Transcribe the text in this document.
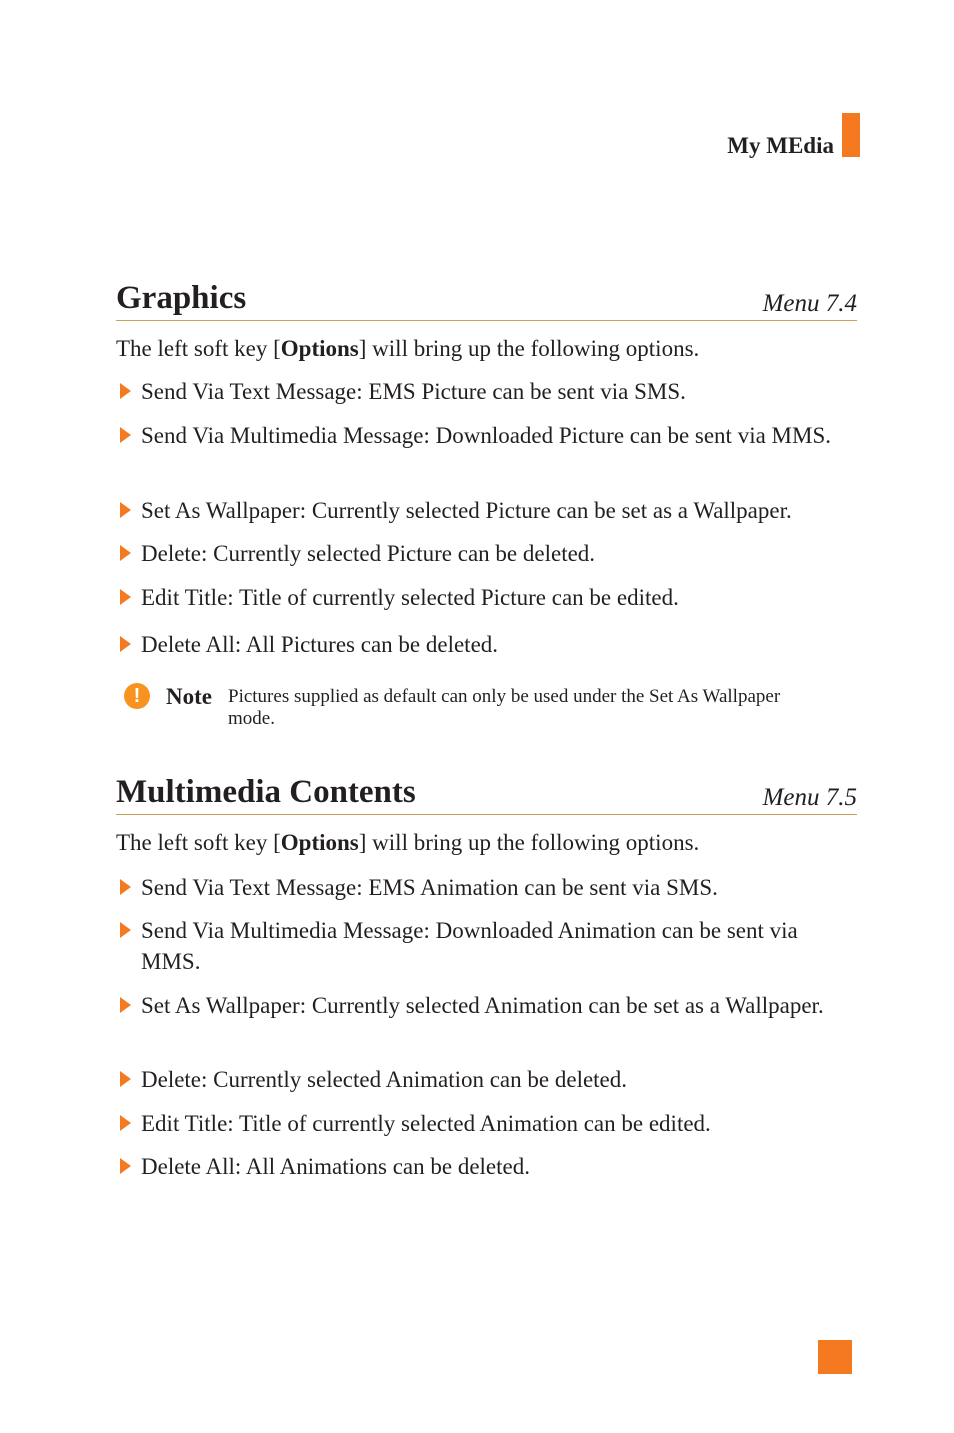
My MEdia
Graphics	Menu 7.4
The left soft key [Options] will bring up the following options.
Send Via Text Message: EMS Picture can be sent via SMS.
Send Via Multimedia Message: Downloaded Picture can be sent via MMS.
Set As Wallpaper: Currently selected Picture can be set as a Wallpaper.
Delete: Currently selected Picture can be deleted.
Edit Title: Title of currently selected Picture can be edited.
Delete All: All Pictures can be deleted.
!	Note Pictures supplied as default can only be used under the Set As Wallpaper mode.
Multimedia Contents	Menu 7.5
The left soft key [Options] will bring up the following options.
Send Via Text Message: EMS Animation can be sent via SMS.
Send Via Multimedia Message: Downloaded Animation can be sent via MMS.
Set As Wallpaper: Currently selected Animation can be set as a Wallpaper.
Delete: Currently selected Animation can be deleted.
Edit Title: Title of currently selected Animation can be edited.
Delete All: All Animations can be deleted.
